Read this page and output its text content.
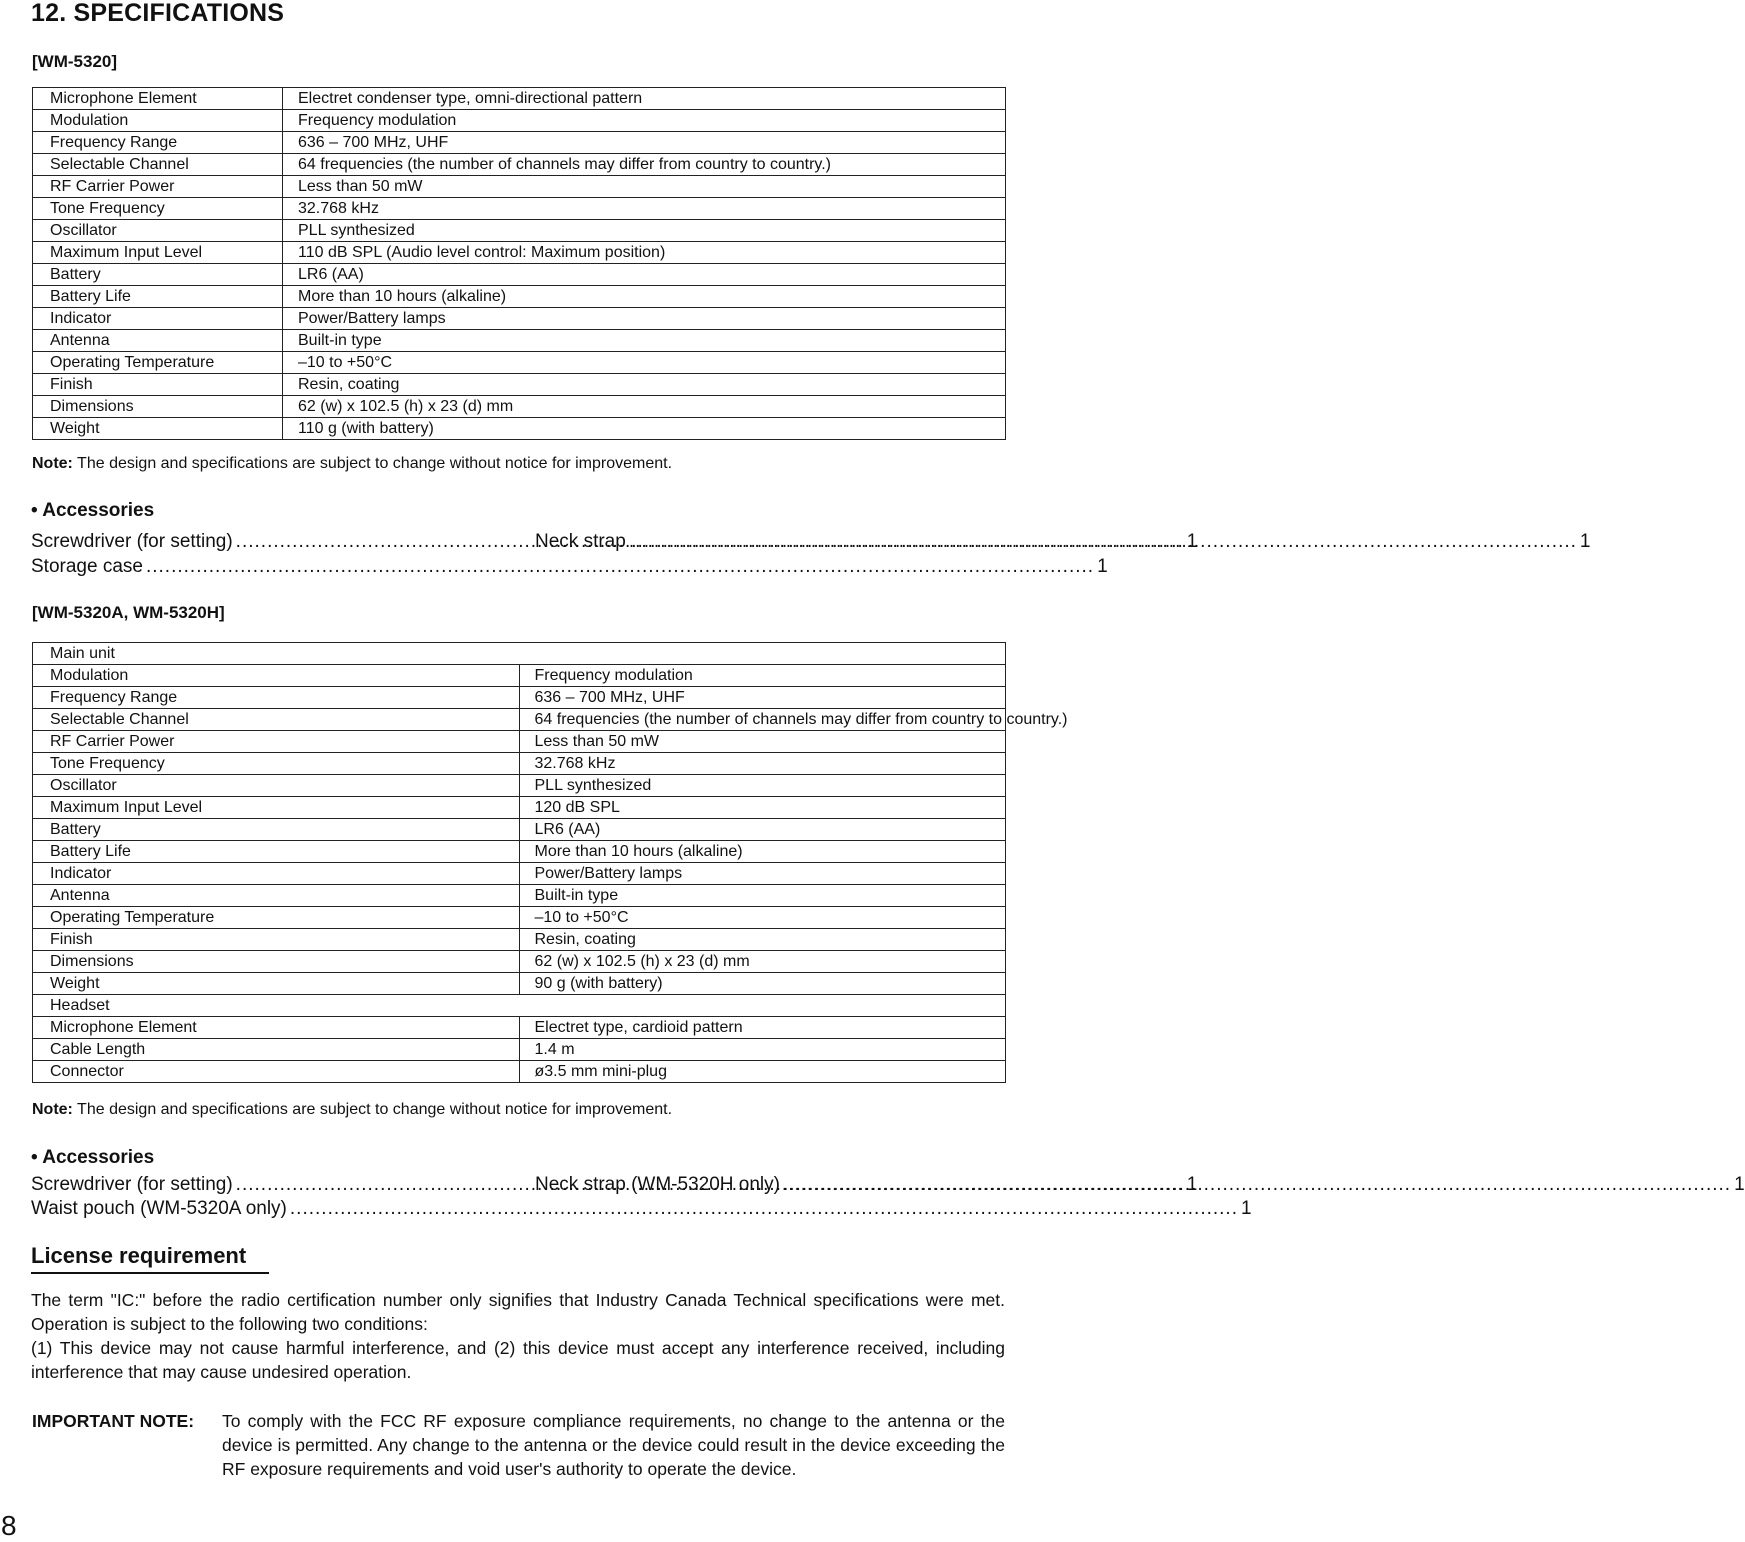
12. SPECIFICATIONS
[WM-5320]
Microphone Element	Electret condenser type, omni-directional pattern
Modulation	Frequency modulation
Frequency Range	636 – 700 MHz, UHF
Selectable Channel	64 frequencies (the number of channels may differ from country to country.)
RF Carrier Power	Less than 50 mW
Tone Frequency	32.768 kHz
Oscillator	PLL synthesized
Maximum Input Level	110 dB SPL (Audio level control: Maximum position)
Battery	LR6 (AA)
Battery Life	More than 10 hours (alkaline)
Indicator	Power/Battery lamps
Antenna	Built-in type
Operating Temperature	–10 to +50°C
Finish	Resin, coating
Dimensions	62 (w) x 102.5 (h) x 23 (d) mm
Weight	110 g (with battery)

Note: The design and specifications are subject to change without notice for improvement.

• Accessories
Screwdriver (for setting) .....	1
Neck strap .....	1
Storage case .....	1
[WM-5320A, WM-5320H]
Main unit	
Modulation	Frequency modulation
Frequency Range	636 – 700 MHz, UHF
Selectable Channel	64 frequencies (the number of channels may differ from country to country.)
RF Carrier Power	Less than 50 mW
Tone Frequency	32.768 kHz
Oscillator	PLL synthesized
Maximum Input Level	120 dB SPL
Battery	LR6 (AA)
Battery Life	More than 10 hours (alkaline)
Indicator	Power/Battery lamps
Antenna	Built-in type
Operating Temperature	–10 to +50°C
Finish	Resin, coating
Dimensions	62 (w) x 102.5 (h) x 23 (d) mm
Weight	90 g (with battery)
Headset	
Microphone Element	Electret type, cardioid pattern
Cable Length	1.4 m
Connector	ø3.5 mm mini-plug

Note: The design and specifications are subject to change without notice for improvement.

• Accessories
Screwdriver (for setting) .....	1
Neck strap (WM-5320H only) .....	1
Waist pouch (WM-5320A only) .....	1
License requirement

The term "IC:" before the radio certification number only signifies that Industry Canada Technical specifications were met. Operation is subject to the following two conditions:

(1) This device may not cause harmful interference, and (2) this device must accept any interference received, including interference that may cause undesired operation.

IMPORTANT NOTE: To comply with the FCC RF exposure compliance requirements, no change to the antenna or the device is permitted. Any change to the antenna or the device could result in the device exceeding the RF exposure requirements and void user's authority to operate the device.

8
